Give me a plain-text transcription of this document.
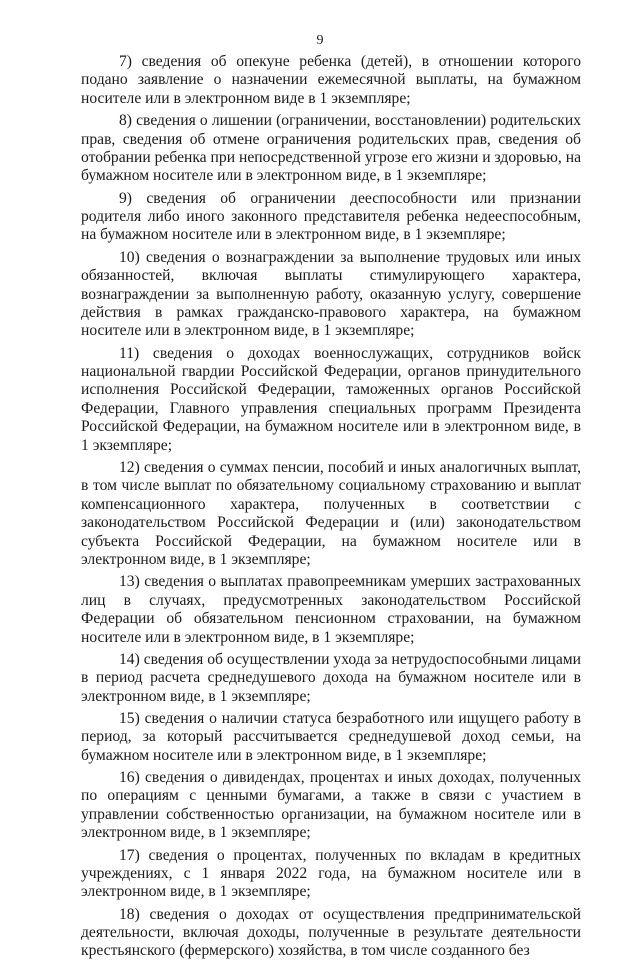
9

7) сведения об опекуне ребенка (детей), в отношении которого подано заявление о назначении ежемесячной выплаты, на бумажном носителе или в электронном виде в 1 экземпляре;

8) сведения о лишении (ограничении, восстановлении) родительских прав, сведения об отмене ограничения родительских прав, сведения об отобрании ребенка при непосредственной угрозе его жизни и здоровью, на бумажном носителе или в электронном виде, в 1 экземпляре;

9) сведения об ограничении дееспособности или признании родителя либо иного законного представителя ребенка недееспособным, на бумажном носителе или в электронном виде, в 1 экземпляре;

10) сведения о вознаграждении за выполнение трудовых или иных обязанностей, включая выплаты стимулирующего характера, вознаграждении за выполненную работу, оказанную услугу, совершение действия в рамках гражданско-правового характера, на бумажном носителе или в электронном виде, в 1 экземпляре;

11) сведения о доходах военнослужащих, сотрудников войск национальной гвардии Российской Федерации, органов принудительного исполнения Российской Федерации, таможенных органов Российской Федерации, Главного управления специальных программ Президента Российской Федерации, на бумажном носителе или в электронном виде, в 1 экземпляре;

12) сведения о суммах пенсии, пособий и иных аналогичных выплат, в том числе выплат по обязательному социальному страхованию и выплат компенсационного характера, полученных в соответствии с законодательством Российской Федерации и (или) законодательством субъекта Российской Федерации, на бумажном носителе или в электронном виде, в 1 экземпляре;

13) сведения о выплатах правопреемникам умерших застрахованных лиц в случаях, предусмотренных законодательством Российской Федерации об обязательном пенсионном страховании, на бумажном носителе или в электронном виде, в 1 экземпляре;

14) сведения об осуществлении ухода за нетрудоспособными лицами в период расчета среднедушевого дохода на бумажном носителе или в электронном виде, в 1 экземпляре;

15) сведения о наличии статуса безработного или ищущего работу в период, за который рассчитывается среднедушевой доход семьи, на бумажном носителе или в электронном виде, в 1 экземпляре;

16) сведения о дивидендах, процентах и иных доходах, полученных по операциям с ценными бумагами, а также в связи с участием в управлении собственностью организации, на бумажном носителе или в электронном виде, в 1 экземпляре;

17) сведения о процентах, полученных по вкладам в кредитных учреждениях, с 1 января 2022 года, на бумажном носителе или в электронном виде, в 1 экземпляре;

18) сведения о доходах от осуществления предпринимательской деятельности, включая доходы, полученные в результате деятельности крестьянского (фермерского) хозяйства, в том числе созданного без
